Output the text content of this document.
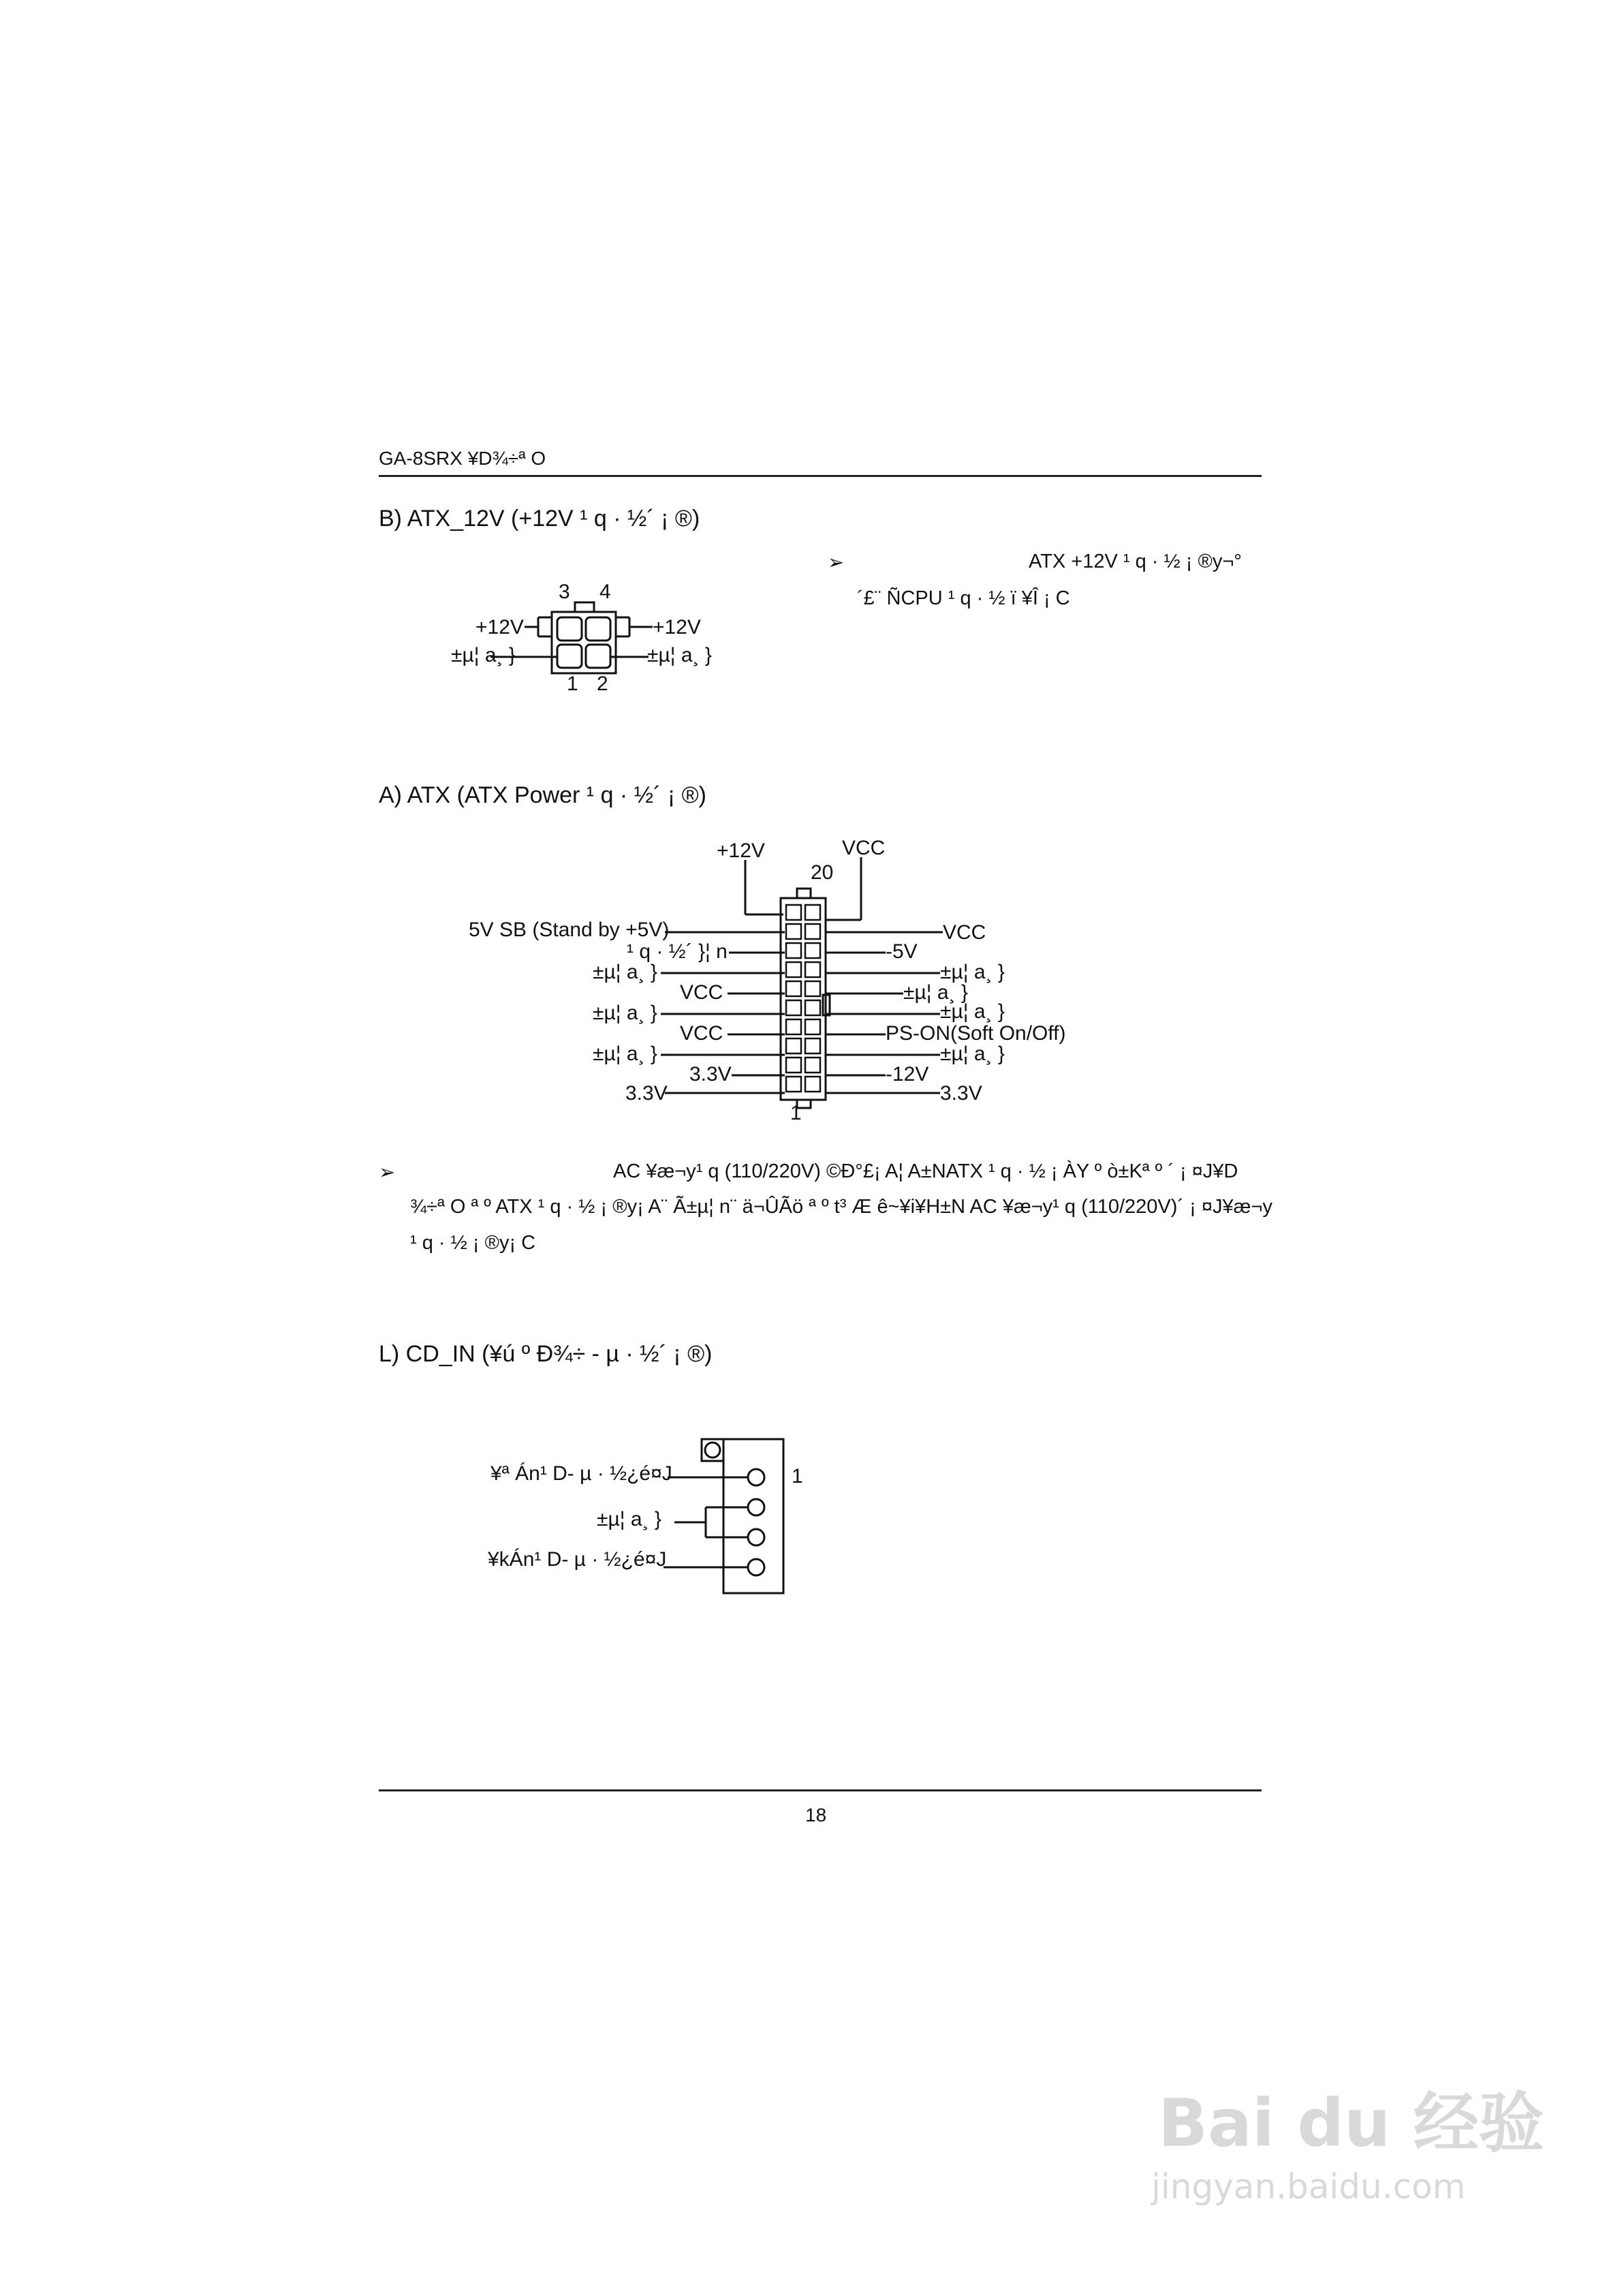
GA-8SRX ¥D¾÷ª O
B) ATX_12V (+12V ¹ q · ½´ ¡ ®)
➢	ATX +12V ¹ q · ½ ¡ ®y¬°
´£¨ ÑCPU ¹ q · ½ ï ¥Î ¡ C
3 4
1 2
+12V
±µ¦ a¸ }
+12V
±µ¦ a¸ }
A) ATX (ATX Power ¹ q · ½´ ¡ ®)
+12V	VCC
20
1
5V SB (Stand by +5V)
¹ q · ½´ }¦ n
±µ¦ a¸ }
VCC
±µ¦ a¸ }
VCC
±µ¦ a¸ }
3.3V
3.3V
VCC
-5V
±µ¦ a¸ }
±µ¦ a¸ }
±µ¦ a¸ }
PS-ON(Soft On/Off)
±µ¦ a¸ }
-12V
3.3V
➢	AC ¥æ¬y¹ q (110/220V) ©Ð°£¡ A¦ A±NATX ¹ q · ½ ¡ ÀY º ò±Kª º ´ ¡ ¤J¥D
¾÷ª O ª º ATX ¹ q · ½ ¡ ®y¡ A¨ Ã±µ¦ n¨ ä¬ÛÃö ª º t³ Æ ê~¥i¥H±N AC ¥æ¬y¹ q (110/220V)´ ¡ ¤J¥æ¬y
¹ q · ½ ¡ ®y¡ C
L) CD_IN (¥ú º Ð¾÷ - µ · ½´ ¡ ®)
1
¥ª Án¹ D- µ · ½¿é¤J
±µ¦ a¸ }
¥kÁn¹ D- µ · ½¿é¤J
18
Bai du 经验
jingyan.baidu.com
